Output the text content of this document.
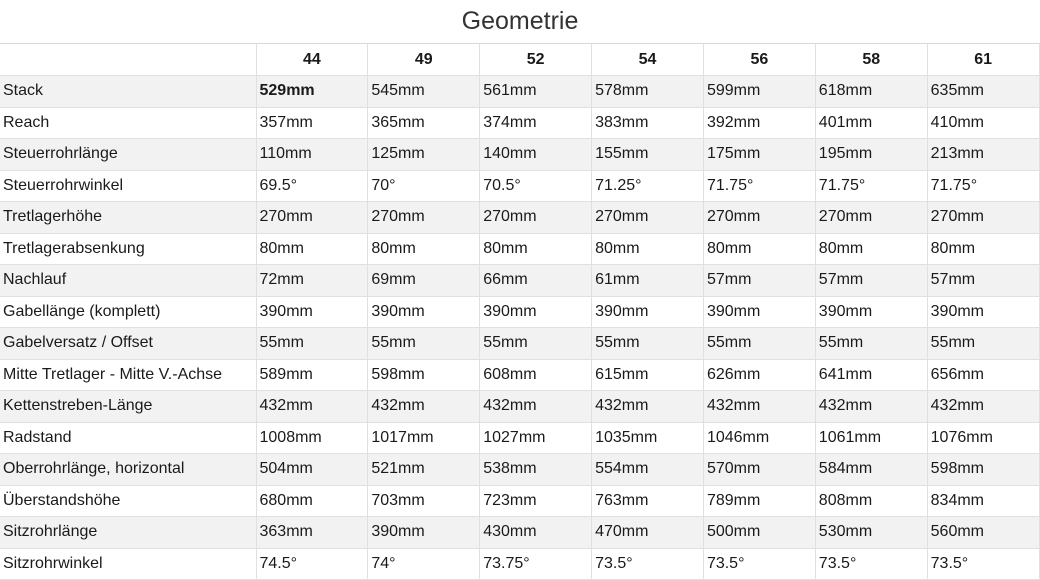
Geometrie
	44	49	52	54	56	58	61
Stack	529mm	545mm	561mm	578mm	599mm	618mm	635mm
Reach	357mm	365mm	374mm	383mm	392mm	401mm	410mm
Steuerrohrlänge	110mm	125mm	140mm	155mm	175mm	195mm	213mm
Steuerrohrwinkel	69.5°	70°	70.5°	71.25°	71.75°	71.75°	71.75°
Tretlagerhöhe	270mm	270mm	270mm	270mm	270mm	270mm	270mm
Tretlagerabsenkung	80mm	80mm	80mm	80mm	80mm	80mm	80mm
Nachlauf	72mm	69mm	66mm	61mm	57mm	57mm	57mm
Gabellänge (komplett)	390mm	390mm	390mm	390mm	390mm	390mm	390mm
Gabelversatz / Offset	55mm	55mm	55mm	55mm	55mm	55mm	55mm
Mitte Tretlager - Mitte V.-Achse	589mm	598mm	608mm	615mm	626mm	641mm	656mm
Kettenstreben-Länge	432mm	432mm	432mm	432mm	432mm	432mm	432mm
Radstand	1008mm	1017mm	1027mm	1035mm	1046mm	1061mm	1076mm
Oberrohrlänge, horizontal	504mm	521mm	538mm	554mm	570mm	584mm	598mm
Überstandshöhe	680mm	703mm	723mm	763mm	789mm	808mm	834mm
Sitzrohrlänge	363mm	390mm	430mm	470mm	500mm	530mm	560mm
Sitzrohrwinkel	74.5°	74°	73.75°	73.5°	73.5°	73.5°	73.5°
